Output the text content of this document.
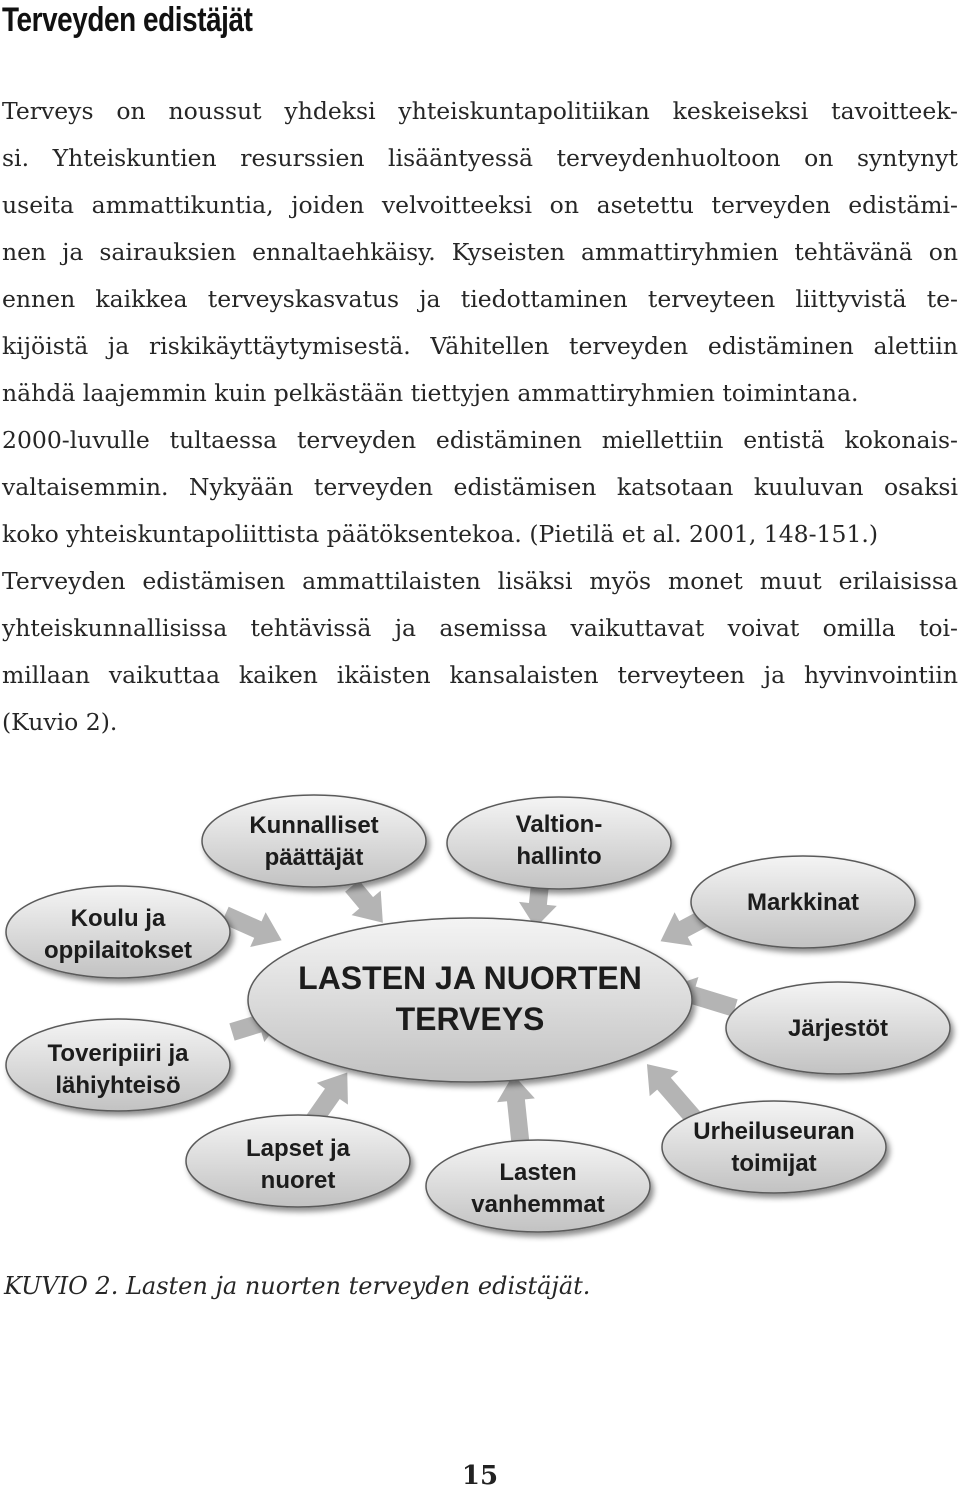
Terveyden edistäjät
Terveys on noussut yhdeksi yhteiskuntapolitiikan keskeiseksi tavoitteek-
si. Yhteiskuntien resurssien lisääntyessä terveydenhuoltoon on syntynyt
useita ammattikuntia, joiden velvoitteeksi on asetettu terveyden edistämi-
nen ja sairauksien ennaltaehkäisy. Kyseisten ammattiryhmien tehtävänä on
ennen kaikkea terveyskasvatus ja tiedottaminen terveyteen liittyvistä te-
kijöistä ja riskikäyttäytymisestä. Vähitellen terveyden edistäminen alettiin
nähdä laajemmin kuin pelkästään tiettyjen ammattiryhmien toimintana.
2000-luvulle tultaessa terveyden edistäminen miellettiin entistä kokonais-
valtaisemmin. Nykyään terveyden edistämisen katsotaan kuuluvan osaksi
koko yhteiskuntapoliittista päätöksentekoa. (Pietilä et al. 2001, 148-151.)
Terveyden edistämisen ammattilaisten lisäksi myös monet muut erilaisissa
yhteiskunnallisissa tehtävissä ja asemissa vaikuttavat voivat omilla toi-
millaan vaikuttaa kaiken ikäisten kansalaisten terveyteen ja hyvinvointiin
(Kuvio 2).
LASTEN JA NUORTEN
TERVEYS
Kunnalliset
päättäjät
Valtion-
hallinto
Markkinat
Järjestöt
Urheiluseuran
toimijat
Lasten
vanhemmat
Lapset ja
nuoret
Toveripiiri ja
lähiyhteisö
Koulu ja
oppilaitokset
KUVIO 2. Lasten ja nuorten terveyden edistäjät.
15
